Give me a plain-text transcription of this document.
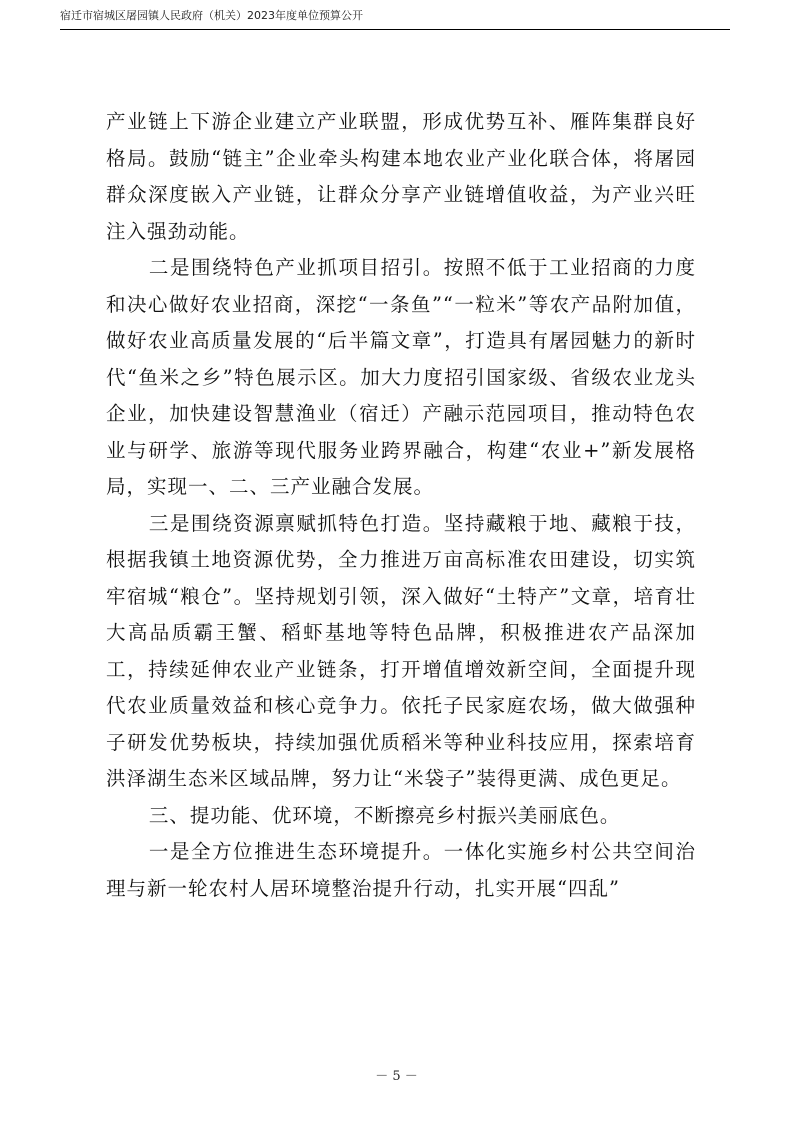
宿迁市宿城区屠园镇人民政府（机关）2023年度单位预算公开

产业链上下游企业建立产业联盟，形成优势互补、雁阵集群良好格局。鼓励“链主”企业牵头构建本地农业产业化联合体，将屠园群众深度嵌入产业链，让群众分享产业链增值收益，为产业兴旺注入强劲动能。

二是围绕特色产业抓项目招引。按照不低于工业招商的力度和决心做好农业招商，深挖“一条鱼”“一粒米”等农产品附加值，做好农业高质量发展的“后半篇文章”，打造具有屠园魅力的新时代“鱼米之乡”特色展示区。加大力度招引国家级、省级农业龙头企业，加快建设智慧渔业（宿迁）产融示范园项目，推动特色农业与研学、旅游等现代服务业跨界融合，构建“农业+”新发展格局，实现一、二、三产业融合发展。

三是围绕资源禀赋抓特色打造。坚持藏粮于地、藏粮于技，根据我镇土地资源优势，全力推进万亩高标准农田建设，切实筑牢宿城“粮仓”。坚持规划引领，深入做好“土特产”文章，培育壮大高品质霸王蟹、稻虾基地等特色品牌，积极推进农产品深加工，持续延伸农业产业链条，打开增值增效新空间，全面提升现代农业质量效益和核心竞争力。依托子民家庭农场，做大做强种子研发优势板块，持续加强优质稻米等种业科技应用，探索培育洪泽湖生态米区域品牌，努力让“米袋子”装得更满、成色更足。

三、提功能、优环境，不断擦亮乡村振兴美丽底色。

一是全方位推进生态环境提升。一体化实施乡村公共空间治理与新一轮农村人居环境整治提升行动，扎实开展“四乱”

－ 5 －
